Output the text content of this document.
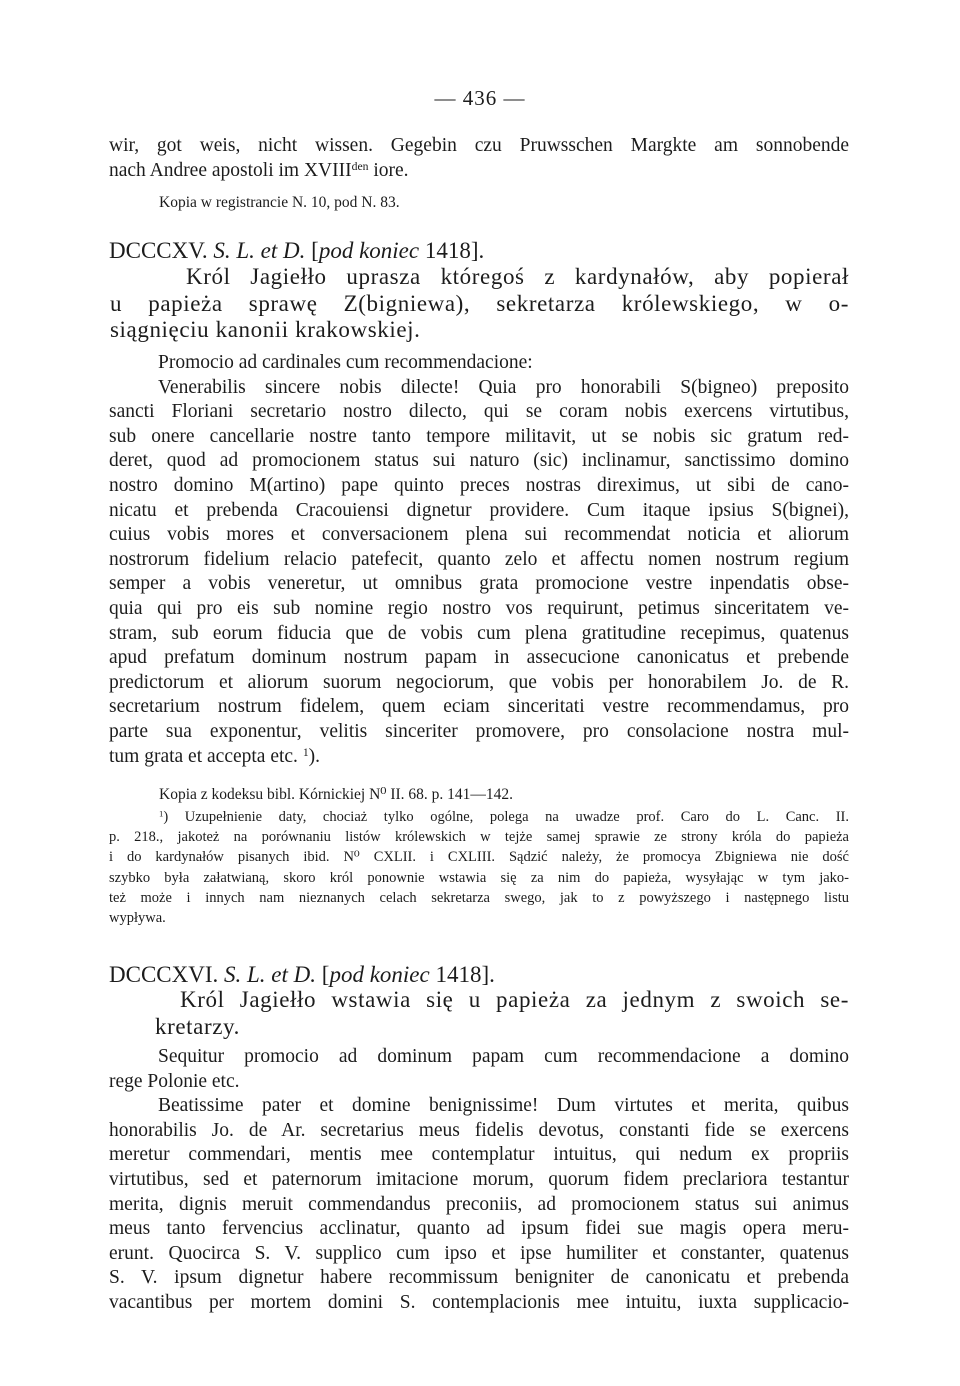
— 436 —
wir, got weis, nicht wissen. Gegebin czu Pruwsschen Margkte am sonnobende
nach Andree apostoli im $XVIII^{den}$ iore.
Kopia w registrancie N. 10, pod N. 83.
DCCCXV. S. L. et D. [pod koniec 1418].
Król Jagiełło uprasza któregoś z kardynałów, aby popierał
u papieża sprawę Z(bigniewa), sekretarza królewskiego, w o-
siągnięciu kanonii krakowskiej.
Promocio ad cardinales cum recommendacione:
Venerabilis sincere nobis dilecte! Quia pro honorabili S(bigneo) preposito
sancti Floriani secretario nostro dilecto, qui se coram nobis exercens virtutibus,
sub onere cancellarie nostre tanto tempore militavit, ut se nobis sic gratum red-
deret, quod ad promocionem status sui naturo (sic) inclinamur, sanctissimo domino
nostro domino M(artino) pape quinto preces nostras direximus, ut sibi de cano-
nicatu et prebenda Cracouiensi dignetur providere. Cum itaque ipsius S(bignei),
cuius vobis mores et conversacionem plena sui recommendat noticia et aliorum
nostrorum fidelium relacio patefecit, quanto zelo et affectu nomen nostrum regium
semper a vobis veneretur, ut omnibus grata promocione vestre inpendatis obse-
quia qui pro eis sub nomine regio nostro vos requirunt, petimus sinceritatem ve-
stram, sub eorum fiducia que de vobis cum plena gratitudine recepimus, quatenus
apud prefatum dominum nostrum papam in assecucione canonicatus et prebende
predictorum et aliorum suorum negociorum, que vobis per honorabilem Jo. de R.
secretarium nostrum fidelem, quem eciam sinceritati vestre recommendamus, pro
parte sua exponentur, velitis sinceriter promovere, pro consolacione nostra mul-
tum grata et accepta etc. $^1$).
Kopia z kodeksu bibl. Kórnickiej N⁰ II. 68. p. 141—142.
$^1$) Uzupełnienie daty, chociaż tylko ogólne, polega na uwadze prof. Caro do L. Canc. II.
p. 218., jakoteż na porównaniu listów królewskich w tejże samej sprawie ze strony króla do papieża
i do kardynałów pisanych ibid. N⁰ CXLII. i CXLIII. Sądzić należy, że promocya Zbigniewa nie dość
szybko była załatwianą, skoro król ponownie wstawia się za nim do papieża, wysyłając w tym jako-
też może i innych nam nieznanych celach sekretarza swego, jak to z powyższego i następnego listu
wypływa.
DCCCXVI. S. L. et D. [pod koniec 1418].
Król Jagiełło wstawia się u papieża za jednym z swoich se-
kretarzy.
Sequitur promocio ad dominum papam cum recommendacione a domino
rege Polonie etc.
Beatissime pater et domine benignissime! Dum virtutes et merita, quibus
honorabilis Jo. de Ar. secretarius meus fidelis devotus, constanti fide se exercens
meretur commendari, mentis mee contemplatur intuitus, qui nedum ex propriis
virtutibus, sed et paternorum imitacione morum, quorum fidem preclariora testantur
merita, dignis meruit commendandus preconiis, ad promocionem status sui animus
meus tanto fervencius acclinatur, quanto ad ipsum fidei sue magis opera meru-
erunt. Quocirca S. V. supplico cum ipso et ipse humiliter et constanter, quatenus
S. V. ipsum dignetur habere recommissum benigniter de canonicatu et prebenda
vacantibus per mortem domini S. contemplacionis mee intuitu, iuxta supplicacio-
